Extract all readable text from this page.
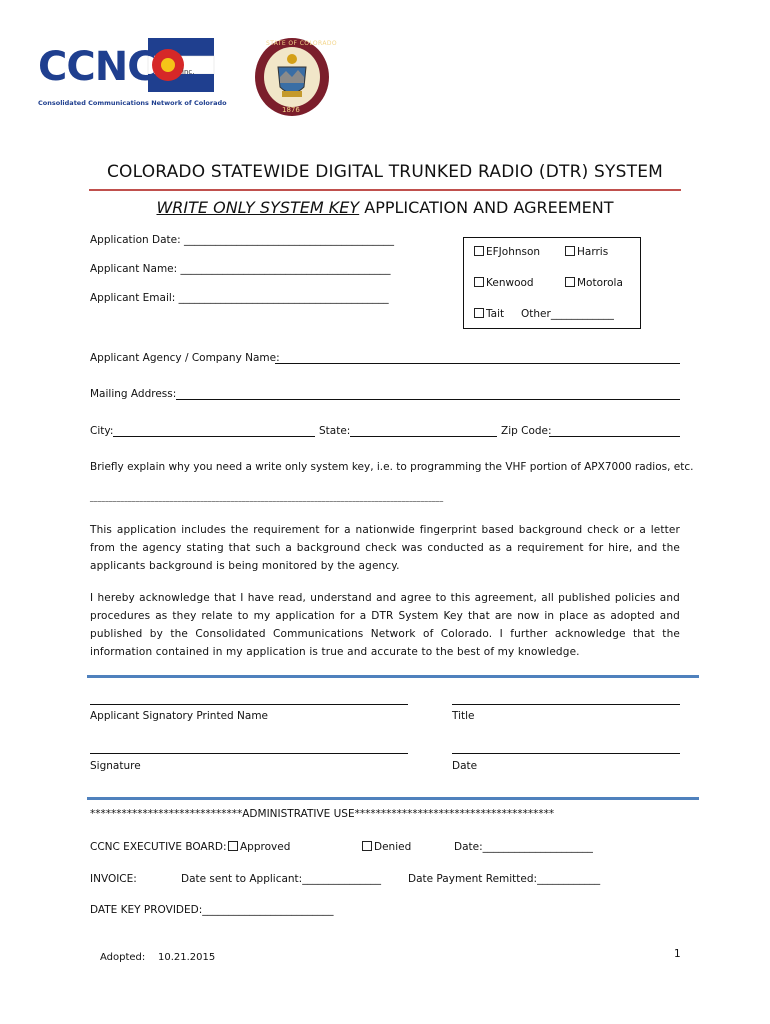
CCNC	inc.
Consolidated Communications Network of Colorado
STATE OF COLORADO
1876
COLORADO STATEWIDE DIGITAL TRUNKED RADIO (DTR) SYSTEM
WRITE ONLY SYSTEM KEY APPLICATION AND AGREEMENT
Application Date: ________________________________________
Applicant Name: ________________________________________
Applicant Email: ________________________________________
EFJohnson	Harris
Kenwood	Motorola
Tait Other____________
Applicant Agency / Company Name:
Mailing Address:
City:	State:	Zip Code:
Briefly explain why you need a write only system key, i.e. to programming the VHF portion of APX7000 radios, etc.
_____________________________________________________________________________________________
This application includes the requirement for a nationwide fingerprint based background check or a letter from the agency stating that such a background check was conducted as a requirement for hire, and the applicants background is being monitored by the agency.
I hereby acknowledge that I have read, understand and agree to this agreement, all published policies and procedures as they relate to my application for a DTR System Key that are now in place as adopted and published by the Consolidated Communications Network of Colorado. I further acknowledge that the information contained in my application is true and accurate to the best of my knowledge.
Applicant Signatory Printed Name	Title
Signature	Date
*****************************ADMINISTRATIVE USE**************************************
CCNC EXECUTIVE BOARD:	Approved	Denied	Date:_____________________
INVOICE:	Date sent to Applicant:_______________	Date Payment Remitted:____________
DATE KEY PROVIDED:_________________________
Adopted: 10.21.2015	1
